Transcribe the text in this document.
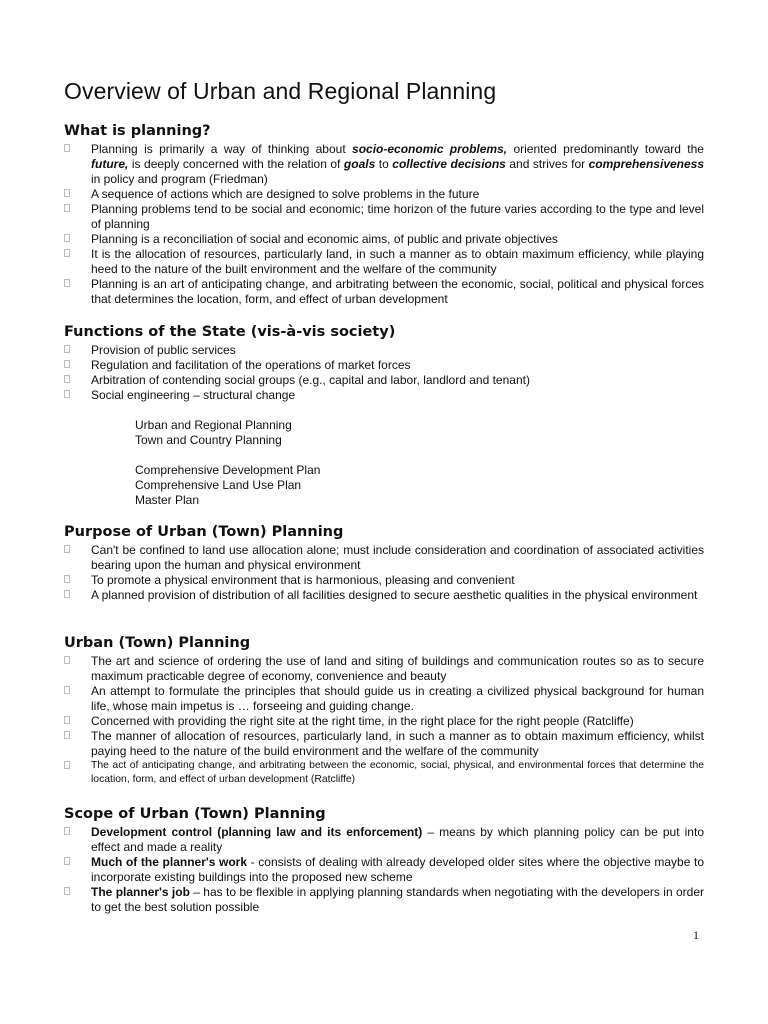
Overview of Urban and Regional Planning
What is planning?
Planning is primarily a way of thinking about socio-economic problems, oriented predominantly toward the future, is deeply concerned with the relation of goals to collective decisions and strives for comprehensiveness in policy and program (Friedman)
A sequence of actions which are designed to solve problems in the future
Planning problems tend to be social and economic; time horizon of the future varies according to the type and level of planning
Planning is a reconciliation of social and economic aims, of public and private objectives
It is the allocation of resources, particularly land, in such a manner as to obtain maximum efficiency, while playing heed to the nature of the built environment and the welfare of the community
Planning is an art of anticipating change, and arbitrating between the economic, social, political and physical forces that determines the location, form, and effect of urban development
Functions of the State (vis-à-vis society)
Provision of public services
Regulation and facilitation of the operations of market forces
Arbitration of contending social groups (e.g., capital and labor, landlord and tenant)
Social engineering – structural change
Urban and Regional Planning
Town and Country Planning
Comprehensive Development Plan
Comprehensive Land Use Plan
Master Plan
Purpose of Urban (Town) Planning
Can't be confined to land use allocation alone; must include consideration and coordination of associated activities bearing upon the human and physical environment
To promote a physical environment that is harmonious, pleasing and convenient
A planned provision of distribution of all facilities designed to secure aesthetic qualities in the physical environment
Urban (Town) Planning
The art and science of ordering the use of land and siting of buildings and communication routes so as to secure maximum practicable degree of economy, convenience and beauty
An attempt to formulate the principles that should guide us in creating a civilized physical background for human life, whose main impetus is … forseeing and guiding change.
Concerned with providing the right site at the right time, in the right place for the right people (Ratcliffe)
The manner of allocation of resources, particularly land, in such a manner as to obtain maximum efficiency, whilst paying heed to the nature of the build environment and the welfare of the community
The act of anticipating change, and arbitrating between the economic, social, physical, and environmental forces that determine the location, form, and effect of urban development (Ratcliffe)
Scope of Urban (Town) Planning
Development control (planning law and its enforcement) – means by which planning policy can be put into effect and made a reality
Much of the planner's work - consists of dealing with already developed older sites where the objective maybe to incorporate existing buildings into the proposed new scheme
The planner's job – has to be flexible in applying planning standards when negotiating with the developers in order to get the best solution possible
1
